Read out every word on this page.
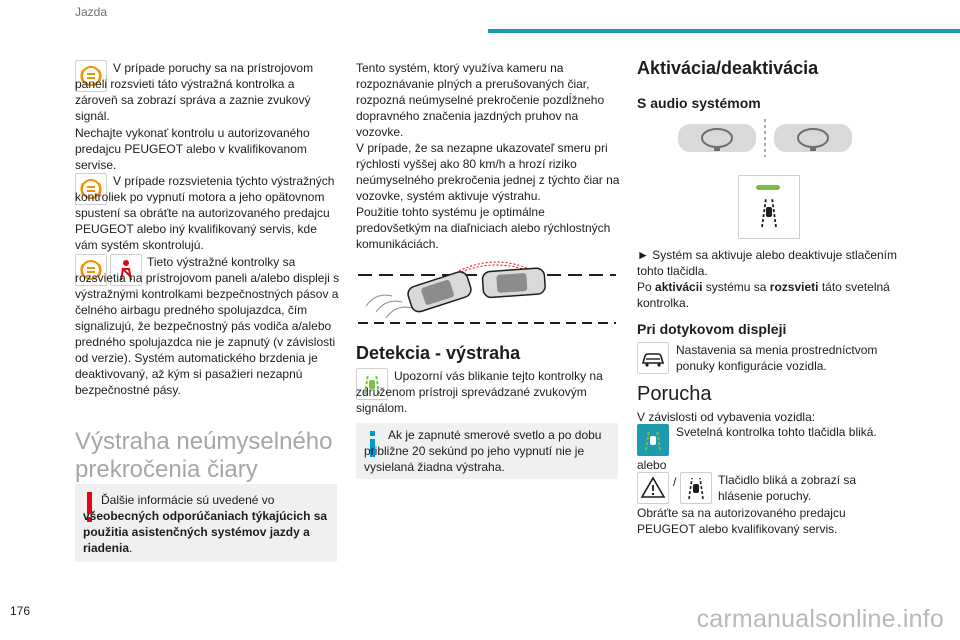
Jazda
V prípade poruchy sa na prístrojovom paneli rozsvieti táto výstražná kontrolka a zároveň sa zobrazí správa a zaznie zvukový signál.
Nechajte vykonať kontrolu u autorizovaného predajcu PEUGEOT alebo v kvalifikovanom servise.
V prípade rozsvietenia týchto výstražných kontroliek po vypnutí motora a jeho opätovnom spustení sa obráťte na autorizovaného predajcu PEUGEOT alebo iný kvalifikovaný servis, kde vám systém skontrolujú.
Tieto výstražné kontrolky sa rozsvietia na prístrojovom paneli a/alebo displeji s výstražnými kontrolkami bezpečnostných pásov a čelného airbagu predného spolujazdca, čím signalizujú, že bezpečnostný pás vodiča a/alebo predného spolujazdca nie je zapnutý (v závislosti od verzie). Systém automatického brzdenia je deaktivovaný, až kým si pasažieri nezapnú bezpečnostné pásy.
Výstraha neúmyselného prekročenia čiary
Ďalšie informácie sú uvedené vo všeobecných odporúčaniach týkajúcich sa použitia asistenčných systémov jazdy a riadenia.
Tento systém, ktorý využíva kameru na rozpoznávanie plných a prerušovaných čiar, rozpozná neúmyselné prekročenie pozdĺžneho dopravného značenia jazdných pruhov na vozovke.
V prípade, že sa nezapne ukazovateľ smeru pri rýchlosti vyššej ako 80 km/h a hrozí riziko neúmyselného prekročenia jednej z týchto čiar na vozovke, systém aktivuje výstrahu.
Použitie tohto systému je optimálne predovšetkým na diaľniciach alebo rýchlostných komunikáciách.
Detekcia - výstraha
Upozorní vás blikanie tejto kontrolky na združenom prístroji sprevádzané zvukovým signálom.
Ak je zapnuté smerové svetlo a po dobu približne 20 sekúnd po jeho vypnutí nie je vysielaná žiadna výstraha.
Aktivácia/deaktivácia
S audio systémom
► Systém sa aktivuje alebo deaktivuje stlačením tohto tlačidla.
Po aktivácii systému sa rozsvieti táto svetelná kontrolka.
Pri dotykovom displeji
Nastavenia sa menia prostredníctvom ponuky konfigurácie vozidla.
Porucha
V závislosti od vybavenia vozidla:
Svetelná kontrolka tohto tlačidla bliká.
alebo
/	Tlačidlo bliká a zobrazí sa hlásenie poruchy.
Obráťte sa na autorizovaného predajcu PEUGEOT alebo kvalifikovaný servis.
176	carmanualsonline.info
